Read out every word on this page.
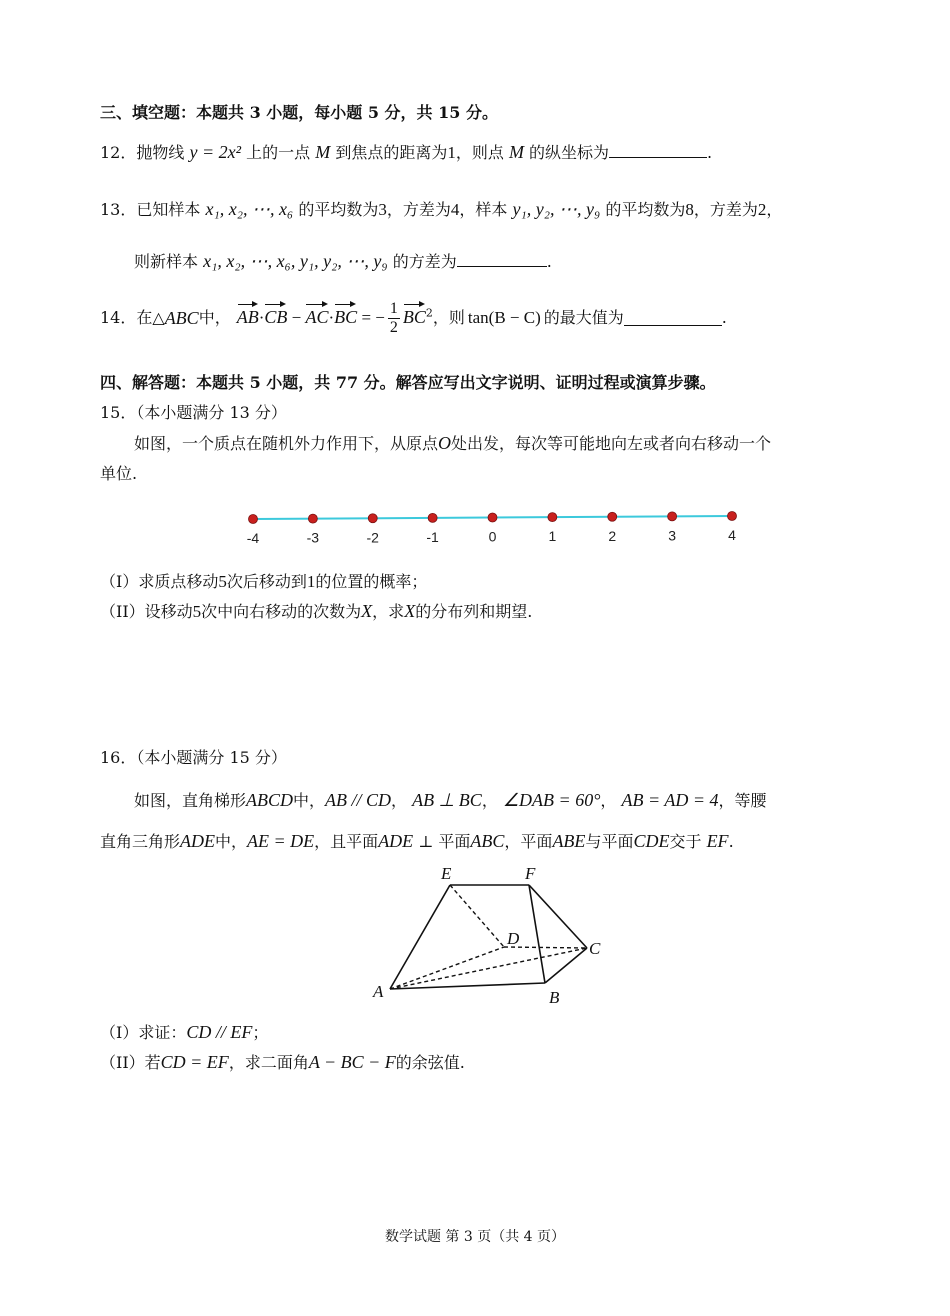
三、填空题：本题共 3 小题，每小题 5 分，共 15 分。
12．抛物线 y = 2x² 上的一点 M 到焦点的距离为1，则点 M 的纵坐标为	.
13．已知样本 x₁, x₂, ⋯, x₆ 的平均数为3，方差为4，样本 y₁, y₂, ⋯, y₉ 的平均数为8，方差为2，
则新样本 x₁, x₂, ⋯, x₆, y₁, y₂, ⋯, y₉ 的方差为	.
14． 在△ ABC 中， AB·CB − AC·BC = − $\frac{1}{2} BC^2$ ，则 tan(B − C) 的最大值为	.
四、解答题：本题共 5 小题，共 77 分。解答应写出文字说明、证明过程或演算步骤。
15．（本小题满分 13 分）
如图，一个质点在随机外力作用下，从原点O处出发，每次等可能地向左或者向右移动一个
单位.
-4	-3	-2	-1	0	1	2	3	4
（I）求质点移动5次后移动到1的位置的概率；
（II）设移动5次中向右移动的次数为X，求X的分布列和期望.
16．（本小题满分 15 分）
如图，直角梯形ABCD中，AB // CD， AB ⊥ BC， ∠DAB = 60°， AB = AD = 4，等腰
直角三角形ADE中，AE = DE，且平面ADE ⊥ 平面ABC，平面ABE与平面CDE交于 EF.
E	F
D
C
A	B
（I）求证：CD // EF；
（II）若CD = EF，求二面角A − BC − F的余弦值.
数学试题 第 3 页（共 4 页）
